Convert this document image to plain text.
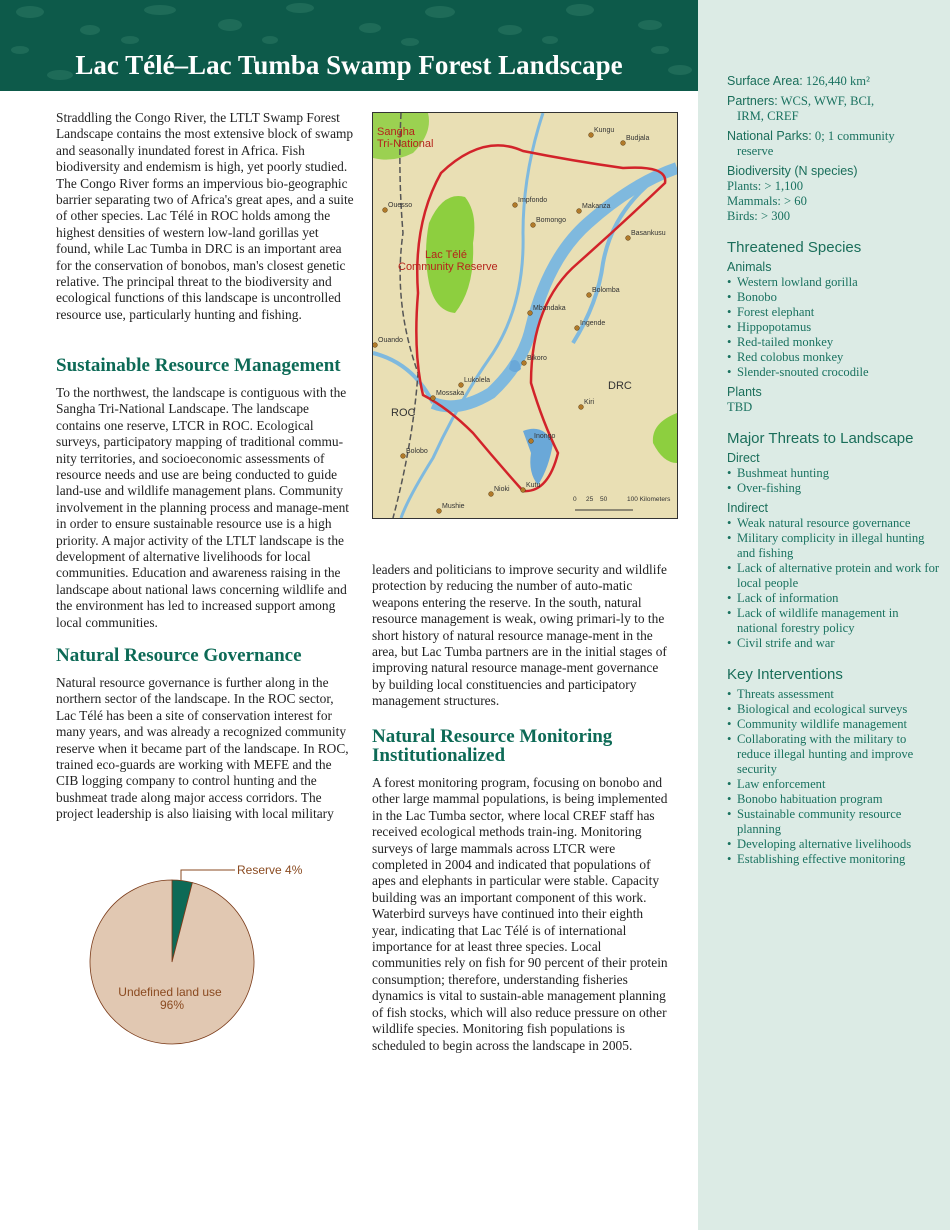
Lac Télé–Lac Tumba Swamp Forest Landscape

Straddling the Congo River, the LTLT Swamp Forest Landscape contains the most extensive block of swamp and seasonally inundated forest in Africa. Fish biodiversity and endemism is high, yet poorly studied. The Congo River forms an impervious bio-geographic barrier separating two of Africa's great apes, and a suite of other species. Lac Télé in ROC holds among the highest densities of western low-land gorillas yet found, while Lac Tumba in DRC is an important area for the conservation of bonobos, man's closest genetic relative. The principal threat to the biodiversity and ecological functions of this landscape is uncontrolled resource use, particularly hunting and fishing.

Sustainable Resource Management

To the northwest, the landscape is contiguous with the Sangha Tri-National Landscape. The landscape contains one reserve, LTCR in ROC. Ecological surveys, participatory mapping of traditional commu-nity territories, and socioeconomic assessments of resource needs and use are being conducted to guide land-use and wildlife management plans. Community involvement in the planning process and manage-ment in order to ensure sustainable resource use is a high priority. A major activity of the LTLT landscape is the development of alternative livelihoods for local communities. Education and awareness raising in the landscape about national laws concerning wildlife and the environment has led to increased support among local communities.

Natural Resource Governance

Natural resource governance is further along in the northern sector of the landscape. In the ROC sector, Lac Télé has been a site of conservation interest for many years, and was already a recognized community reserve when it became part of the landscape. In ROC, trained eco-guards are working with MEFE and the CIB logging company to control hunting and the bushmeat trade along major access corridors. The project leadership is also liaising with local military

Reserve 4%
Undefined land use
96%
Sangha
Tri-National
Lac Télé
Community Reserve
DRC
ROC
Kungu
Budjala
Ouesso
Impfondo
Makanza
Bomongo
Basankusu
Bolomba
Mbandaka
Ingende
Ouando
Bikoro
Lukolela
Mossaka
Kiri
Inongo
Bolobo
Nioki
Kutu
Mushie
0 25 50	100 Kilometers

leaders and politicians to improve security and wildlife protection by reducing the number of auto-matic weapons entering the reserve. In the south, natural resource management is weak, owing primari-ly to the short history of natural resource manage-ment in the area, but Lac Tumba partners are in the initial stages of improving natural resource manage-ment governance by building local constituencies and participatory management structures.

Natural Resource Monitoring
Institutionalized

A forest monitoring program, focusing on bonobo and other large mammal populations, is being implemented in the Lac Tumba sector, where local CREF staff has received ecological methods train-ing. Monitoring surveys of large mammals across LTCR were completed in 2004 and indicated that populations of apes and elephants in particular were stable. Capacity building was an important component of this work. Waterbird surveys have continued into their eighth year, indicating that Lac Télé is of international importance for at least three species. Local communities rely on fish for 90 percent of their protein consumption; therefore, understanding fisheries dynamics is vital to sustain-able management planning of fish stocks, which will also reduce pressure on other wildlife species. Monitoring fish populations is scheduled to begin across the landscape in 2005.

Surface Area: 126,440 km²
Partners: WCS, WWF, BCI,
IRM, CREF
National Parks: 0; 1 community
reserve
Biodiversity (N species)
Plants: > 1,100
Mammals: > 60
Birds: > 300
Threatened Species
Animals
• Western lowland gorilla
• Bonobo
• Forest elephant
• Hippopotamus
• Red-tailed monkey
• Red colobus monkey
• Slender-snouted crocodile
Plants
TBD
Major Threats to Landscape
Direct
• Bushmeat hunting
• Over-fishing
Indirect
• Weak natural resource governance
• Military complicity in illegal hunting and fishing
• Lack of alternative protein and work for local people
• Lack of information
• Lack of wildlife management in national forestry policy
• Civil strife and war
Key Interventions
• Threats assessment
• Biological and ecological surveys
• Community wildlife management
• Collaborating with the military to reduce illegal hunting and improve security
• Law enforcement
• Bonobo habituation program
• Sustainable community resource planning
• Developing alternative livelihoods
• Establishing effective monitoring
